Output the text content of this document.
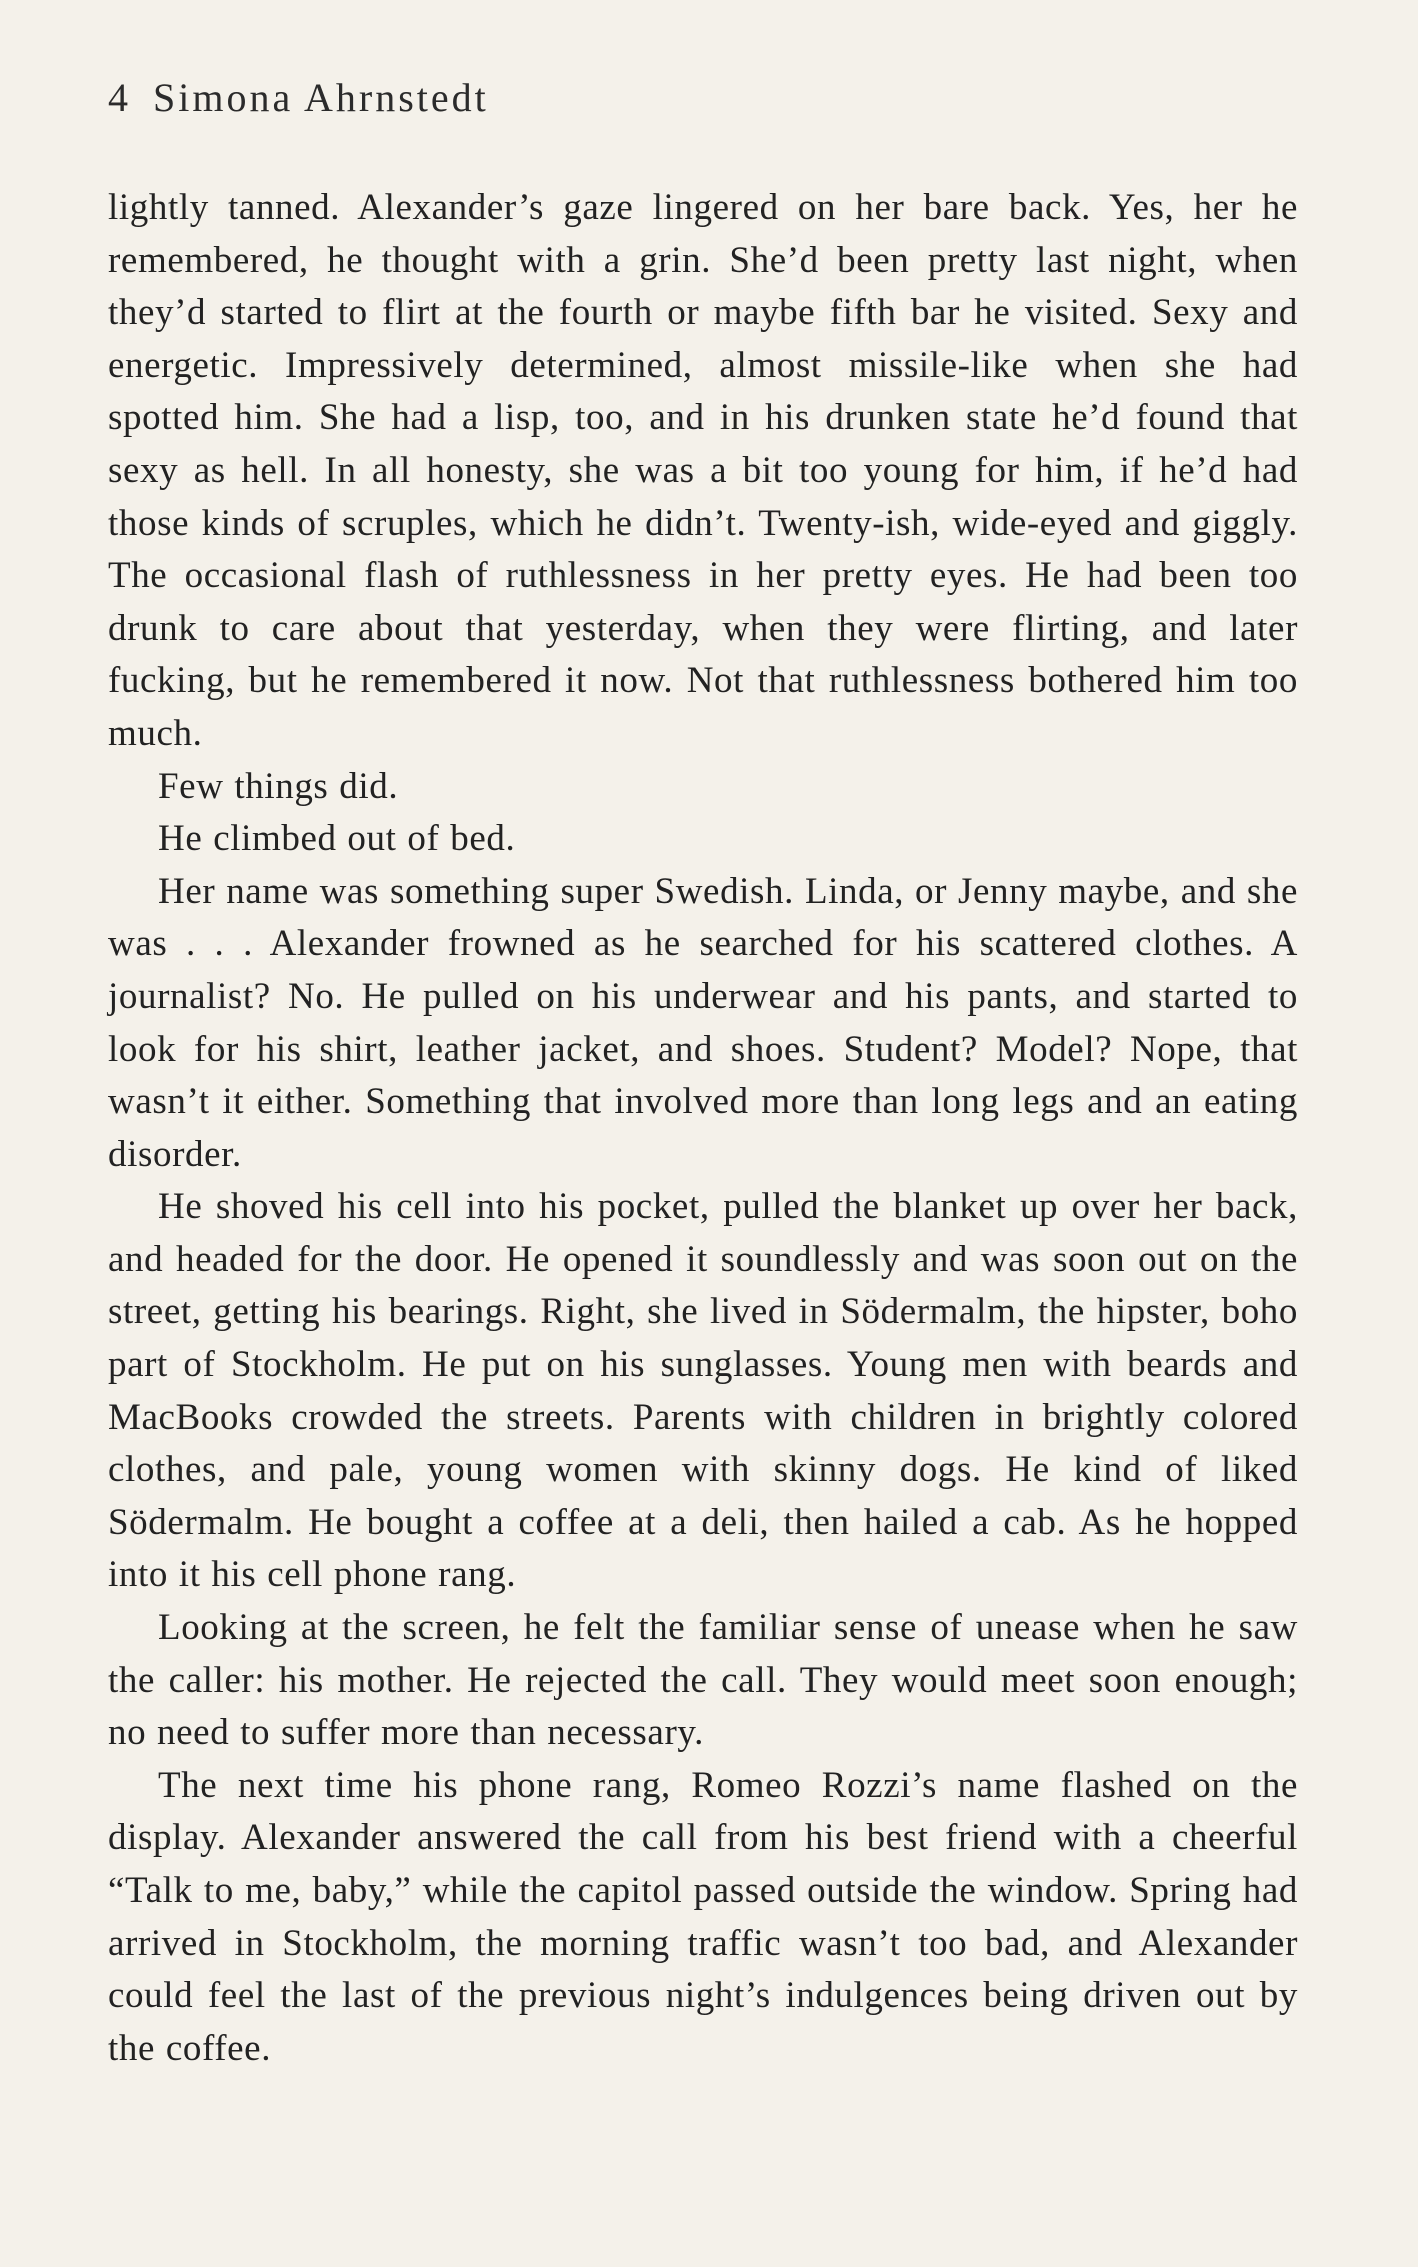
4 Simona Ahrnstedt

lightly tanned. Alexander’s gaze lingered on her bare back. Yes, her he remembered, he thought with a grin. She’d been pretty last night, when they’d started to flirt at the fourth or maybe fifth bar he visited. Sexy and energetic. Impressively determined, almost missile-like when she had spotted him. She had a lisp, too, and in his drunken state he’d found that sexy as hell. In all honesty, she was a bit too young for him, if he’d had those kinds of scruples, which he didn’t. Twenty-ish, wide-eyed and giggly. The occasional flash of ruthlessness in her pretty eyes. He had been too drunk to care about that yesterday, when they were flirting, and later fucking, but he remembered it now. Not that ruthlessness bothered him too much.

Few things did.

He climbed out of bed.

Her name was something super Swedish. Linda, or Jenny maybe, and she was . . . Alexander frowned as he searched for his scattered clothes. A journalist? No. He pulled on his underwear and his pants, and started to look for his shirt, leather jacket, and shoes. Student? Model? Nope, that wasn’t it either. Something that involved more than long legs and an eating disorder.

He shoved his cell into his pocket, pulled the blanket up over her back, and headed for the door. He opened it soundlessly and was soon out on the street, getting his bearings. Right, she lived in Södermalm, the hipster, boho part of Stockholm. He put on his sunglasses. Young men with beards and MacBooks crowded the streets. Parents with children in brightly colored clothes, and pale, young women with skinny dogs. He kind of liked Södermalm. He bought a coffee at a deli, then hailed a cab. As he hopped into it his cell phone rang.

Looking at the screen, he felt the familiar sense of unease when he saw the caller: his mother. He rejected the call. They would meet soon enough; no need to suffer more than necessary.

The next time his phone rang, Romeo Rozzi’s name flashed on the display. Alexander answered the call from his best friend with a cheerful “Talk to me, baby,” while the capitol passed outside the window. Spring had arrived in Stockholm, the morning traffic wasn’t too bad, and Alexander could feel the last of the previous night’s indulgences being driven out by the coffee.
